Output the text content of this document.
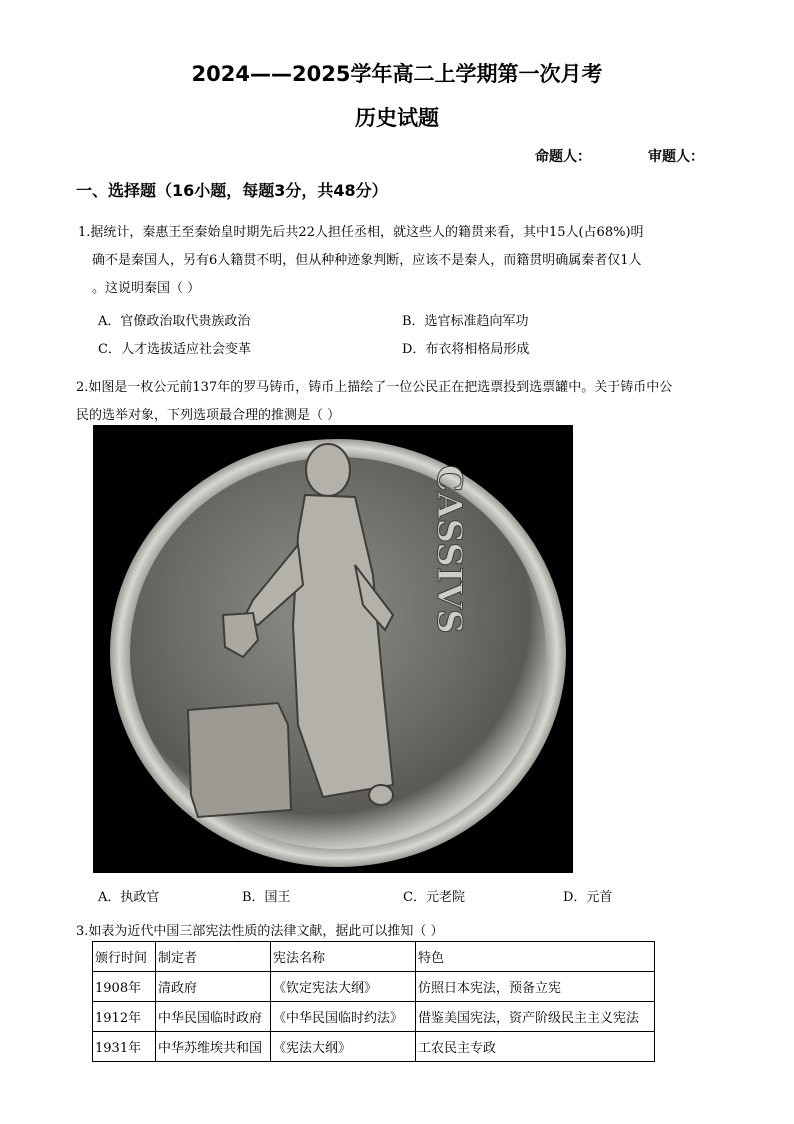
2024——2025学年高二上学期第一次月考
历史试题
命题人：	审题人：
一、选择题（16小题，每题3分，共48分）
1.据统计，秦惠王至秦始皇时期先后共22人担任丞相，就这些人的籍贯来看，其中15人(占68%)明
确不是秦国人，另有6人籍贯不明，但从种种迹象判断，应该不是秦人，而籍贯明确属秦者仅1人
。这说明秦国（ ）
A．官僚政治取代贵族政治	B．选官标准趋向军功
C．人才选拔适应社会变革	D．布衣将相格局形成
2.如图是一枚公元前137年的罗马铸币，铸币上描绘了一位公民正在把选票投到选票罐中。关于铸币中公
民的选举对象，下列选项最合理的推测是（ ）
CASSIVS
A．执政官	B．国王	C．元老院	D．元首
3.如表为近代中国三部宪法性质的法律文献，据此可以推知（ ）
颁行时间	制定者	宪法名称	特色
1908年	清政府	《钦定宪法大纲》	仿照日本宪法，预备立宪
1912年	中华民国临时政府	《中华民国临时约法》	借鉴美国宪法，资产阶级民主主义宪法
1931年	中华苏维埃共和国	《宪法大纲》	工农民主专政
